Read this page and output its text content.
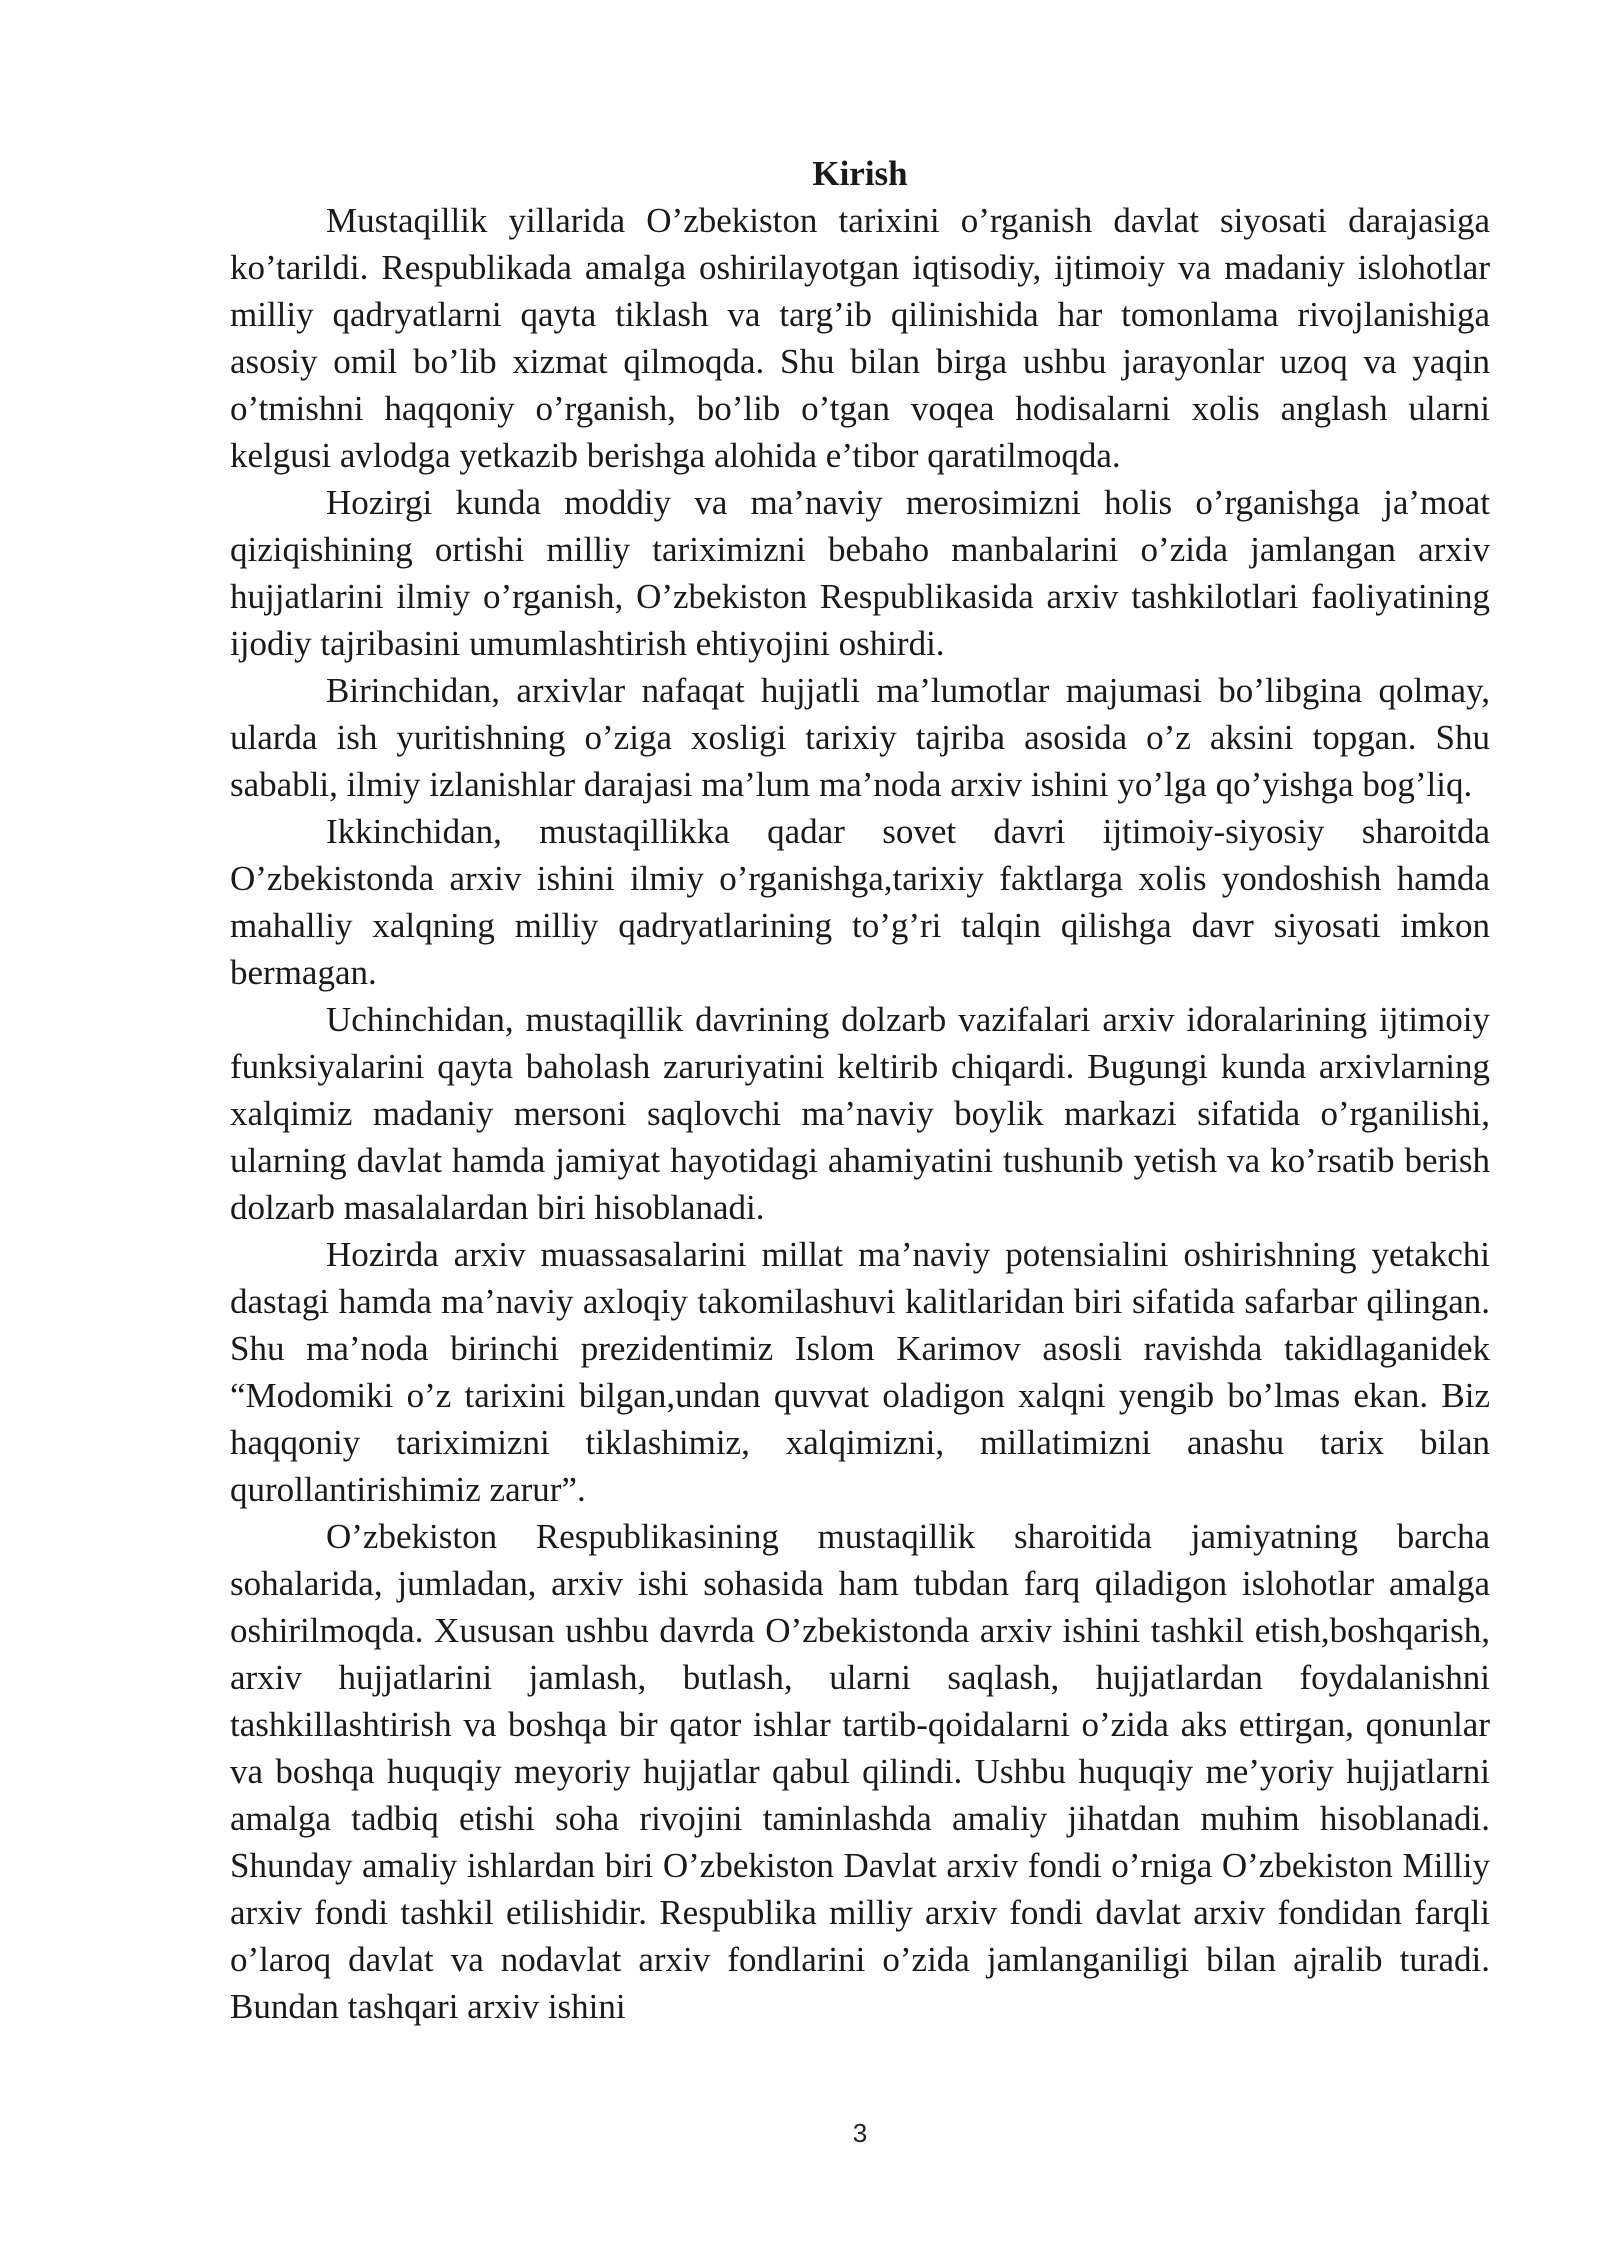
Kirish

Mustaqillik yillarida O’zbekiston tarixini o’rganish davlat siyosati darajasiga ko’tarildi. Respublikada amalga oshirilayotgan iqtisodiy, ijtimoiy va madaniy islohotlar milliy qadryatlarni qayta tiklash va targ’ib qilinishida har tomonlama rivojlanishiga asosiy omil bo’lib xizmat qilmoqda. Shu bilan birga ushbu jarayonlar uzoq va yaqin o’tmishni haqqoniy o’rganish, bo’lib o’tgan voqea hodisalarni xolis anglash ularni kelgusi avlodga yetkazib berishga alohida e’tibor qaratilmoqda.

Hozirgi kunda moddiy va ma’naviy merosimizni holis o’rganishga ja’moat qiziqishining ortishi milliy tariximizni bebaho manbalarini o’zida jamlangan arxiv hujjatlarini ilmiy o’rganish, O’zbekiston Respublikasida arxiv tashkilotlari faoliyatining ijodiy tajribasini umumlashtirish ehtiyojini oshirdi.

Birinchidan, arxivlar nafaqat hujjatli ma’lumotlar majumasi bo’libgina qolmay, ularda ish yuritishning o’ziga xosligi tarixiy tajriba asosida o’z aksini topgan. Shu sababli, ilmiy izlanishlar darajasi ma’lum ma’noda arxiv ishini yo’lga qo’yishga bog’liq.

Ikkinchidan, mustaqillikka qadar sovet davri ijtimoiy-siyosiy sharoitda O’zbekistonda arxiv ishini ilmiy o’rganishga,tarixiy faktlarga xolis yondoshish hamda mahalliy xalqning milliy qadryatlarining to’g’ri talqin qilishga davr siyosati imkon bermagan.

Uchinchidan, mustaqillik davrining dolzarb vazifalari arxiv idoralarining ijtimoiy funksiyalarini qayta baholash zaruriyatini keltirib chiqardi. Bugungi kunda arxivlarning xalqimiz madaniy mersoni saqlovchi ma’naviy boylik markazi sifatida o’rganilishi, ularning davlat hamda jamiyat hayotidagi ahamiyatini tushunib yetish va ko’rsatib berish dolzarb masalalardan biri hisoblanadi.

Hozirda arxiv muassasalarini millat ma’naviy potensialini oshirishning yetakchi dastagi hamda ma’naviy axloqiy takomilashuvi kalitlaridan biri sifatida safarbar qilingan. Shu ma’noda birinchi prezidentimiz Islom Karimov asosli ravishda takidlaganidek “Modomiki o’z tarixini bilgan,undan quvvat oladigon xalqni yengib bo’lmas ekan. Biz haqqoniy tariximizni tiklashimiz, xalqimizni, millatimizni anashu tarix bilan qurollantirishimiz zarur”.

O’zbekiston Respublikasining mustaqillik sharoitida jamiyatning barcha sohalarida, jumladan, arxiv ishi sohasida ham tubdan farq qiladigon islohotlar amalga oshirilmoqda. Xususan ushbu davrda O’zbekistonda arxiv ishini tashkil etish,boshqarish, arxiv hujjatlarini jamlash, butlash, ularni saqlash, hujjatlardan foydalanishni tashkillashtirish va boshqa bir qator ishlar tartib-qoidalarni o’zida aks ettirgan, qonunlar va boshqa huquqiy meyoriy hujjatlar qabul qilindi. Ushbu huquqiy me’yoriy hujjatlarni amalga tadbiq etishi soha rivojini taminlashda amaliy jihatdan muhim hisoblanadi. Shunday amaliy ishlardan biri O’zbekiston Davlat arxiv fondi o’rniga O’zbekiston Milliy arxiv fondi tashkil etilishidir. Respublika milliy arxiv fondi davlat arxiv fondidan farqli o’laroq davlat va nodavlat arxiv fondlarini o’zida jamlanganiligi bilan ajralib turadi. Bundan tashqari arxiv ishini

3
